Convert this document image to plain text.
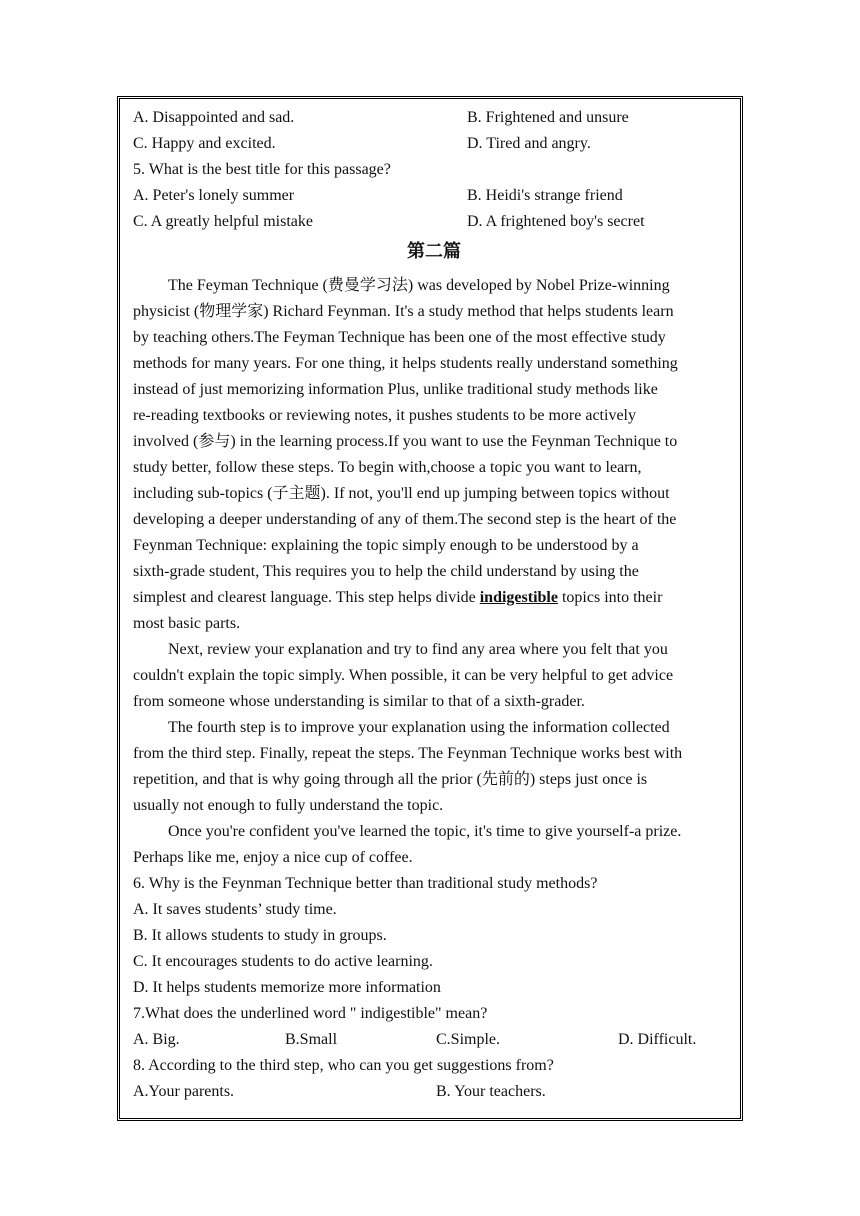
A. Disappointed and sad.	B. Frightened and unsure
C. Happy and excited.	D. Tired and angry.
5. What is the best title for this passage?
A. Peter's lonely summer	B. Heidi's strange friend
C. A greatly helpful mistake	D. A frightened boy's secret
第二篇
The Feyman Technique (费曼学习法) was developed by Nobel Prize-winning
physicist (物理学家) Richard Feynman. It's a study method that helps students learn
by teaching others.The Feyman Technique has been one of the most effective study
methods for many years. For one thing, it helps students really understand something
instead of just memorizing information Plus, unlike traditional study methods like
re-reading textbooks or reviewing notes, it pushes students to be more actively
involved (参与) in the learning process.If you want to use the Feynman Technique to
study better, follow these steps. To begin with,choose a topic you want to learn,
including sub-topics (子主题). If not, you'll end up jumping between topics without
developing a deeper understanding of any of them.The second step is the heart of the
Feynman Technique: explaining the topic simply enough to be understood by a
sixth-grade student, This requires you to help the child understand by using the
simplest and clearest language. This step helps divide indigestible topics into their
most basic parts.
Next, review your explanation and try to find any area where you felt that you
couldn't explain the topic simply. When possible, it can be very helpful to get advice
from someone whose understanding is similar to that of a sixth-grader.
The fourth step is to improve your explanation using the information collected
from the third step. Finally, repeat the steps. The Feynman Technique works best with
repetition, and that is why going through all the prior (先前的) steps just once is
usually not enough to fully understand the topic.
Once you're confident you've learned the topic, it's time to give yourself-a prize.
Perhaps like me, enjoy a nice cup of coffee.
6. Why is the Feynman Technique better than traditional study methods?
A. It saves students’ study time.
B. It allows students to study in groups.
C. It encourages students to do active learning.
D. It helps students memorize more information
7.What does the underlined word " indigestible" mean?
A. Big.	B.Small	C.Simple.	D. Difficult.
8. According to the third step, who can you get suggestions from?
A.Your parents.	B. Your teachers.
